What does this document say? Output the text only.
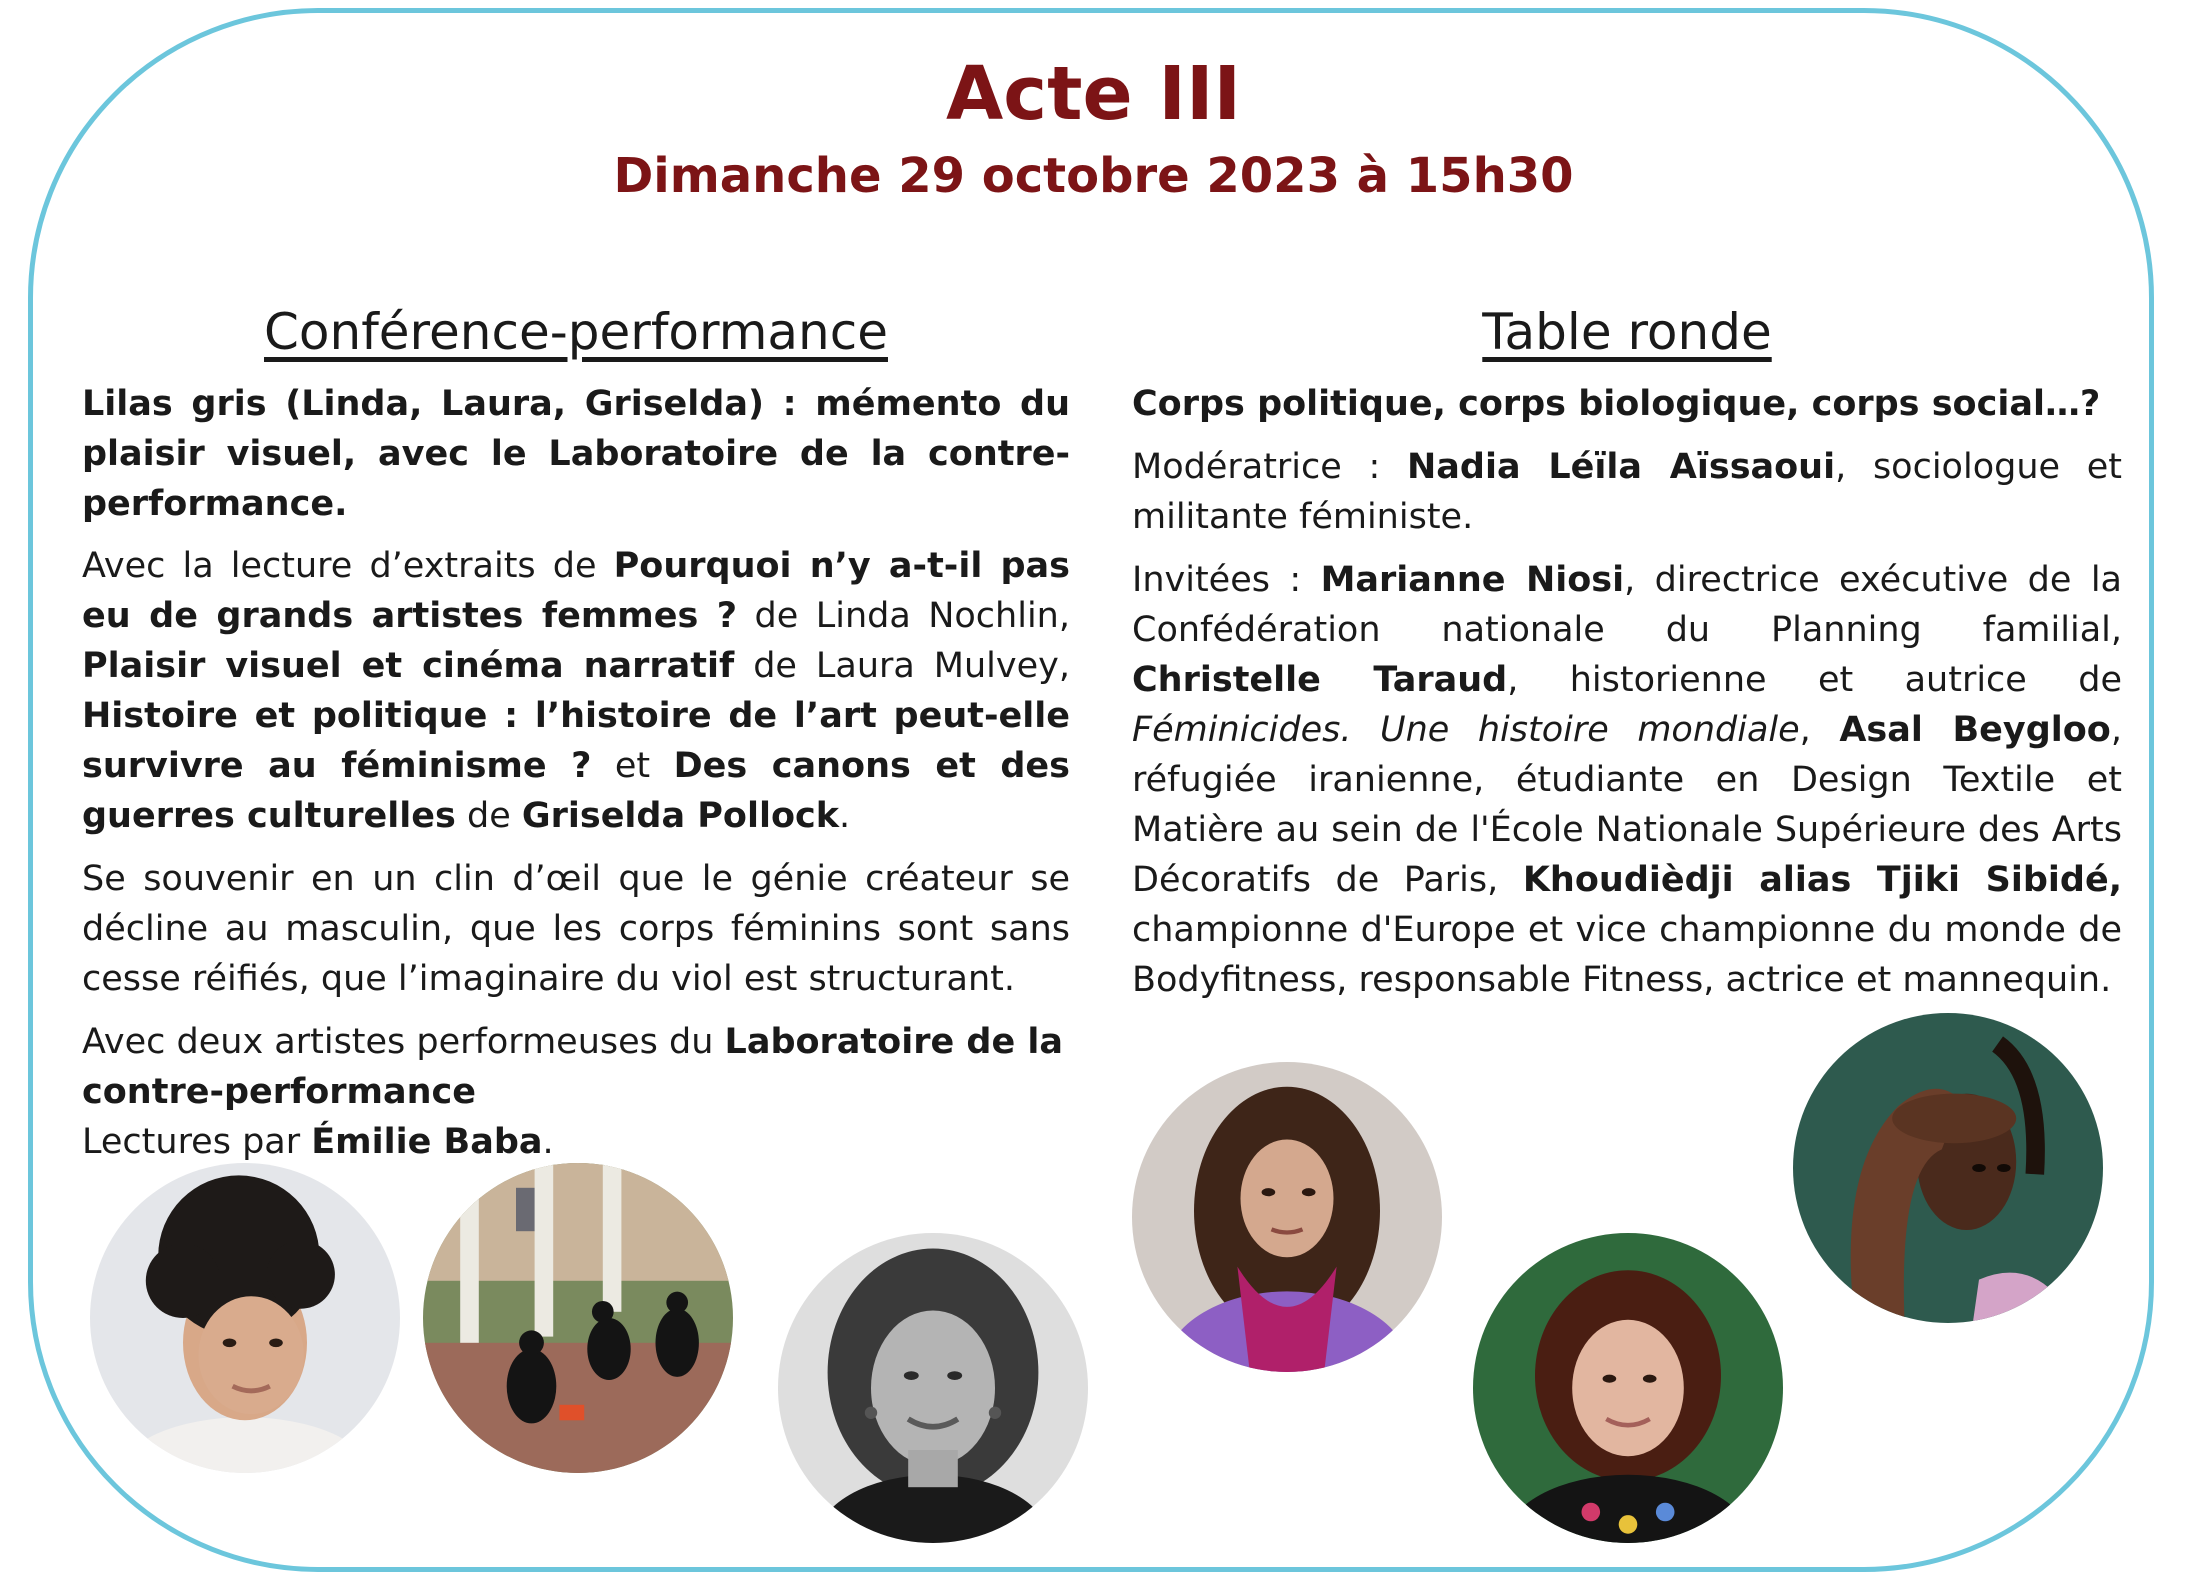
Acte III
Dimanche 29 octobre 2023 à 15h30
Conférence-performance

Lilas gris (Linda, Laura, Griselda) : mémento du plaisir visuel, avec le Laboratoire de la contre-performance.

Avec la lecture d’extraits de Pourquoi n’y a-t-il pas eu de grands artistes femmes ? de Linda Nochlin, Plaisir visuel et cinéma narratif de Laura Mulvey, Histoire et politique : l’histoire de l’art peut-elle survivre au féminisme ? et Des canons et des guerres culturelles de Griselda Pollock.

Se souvenir en un clin d’œil que le génie créateur se décline au masculin, que les corps féminins sont sans cesse réifiés, que l’imaginaire du viol est structurant.

Avec deux artistes performeuses du Laboratoire de la contre-performance
Lectures par Émilie Baba.

Table ronde

Corps politique, corps biologique, corps social…?

Modératrice : Nadia Léïla Aïssaoui, sociologue et militante féministe.

Invitées : Marianne Niosi, directrice exécutive de la Confédération nationale du Planning familial, Christelle Taraud, historienne et autrice de Féminicides. Une histoire mondiale, Asal Beygloo, réfugiée iranienne, étudiante en Design Textile et Matière au sein de l'École Nationale Supérieure des Arts Décoratifs de Paris, Khoudièdji alias Tjiki Sibidé, championne d'Europe et vice championne du monde de Bodyfitness, responsable Fitness, actrice et mannequin.
